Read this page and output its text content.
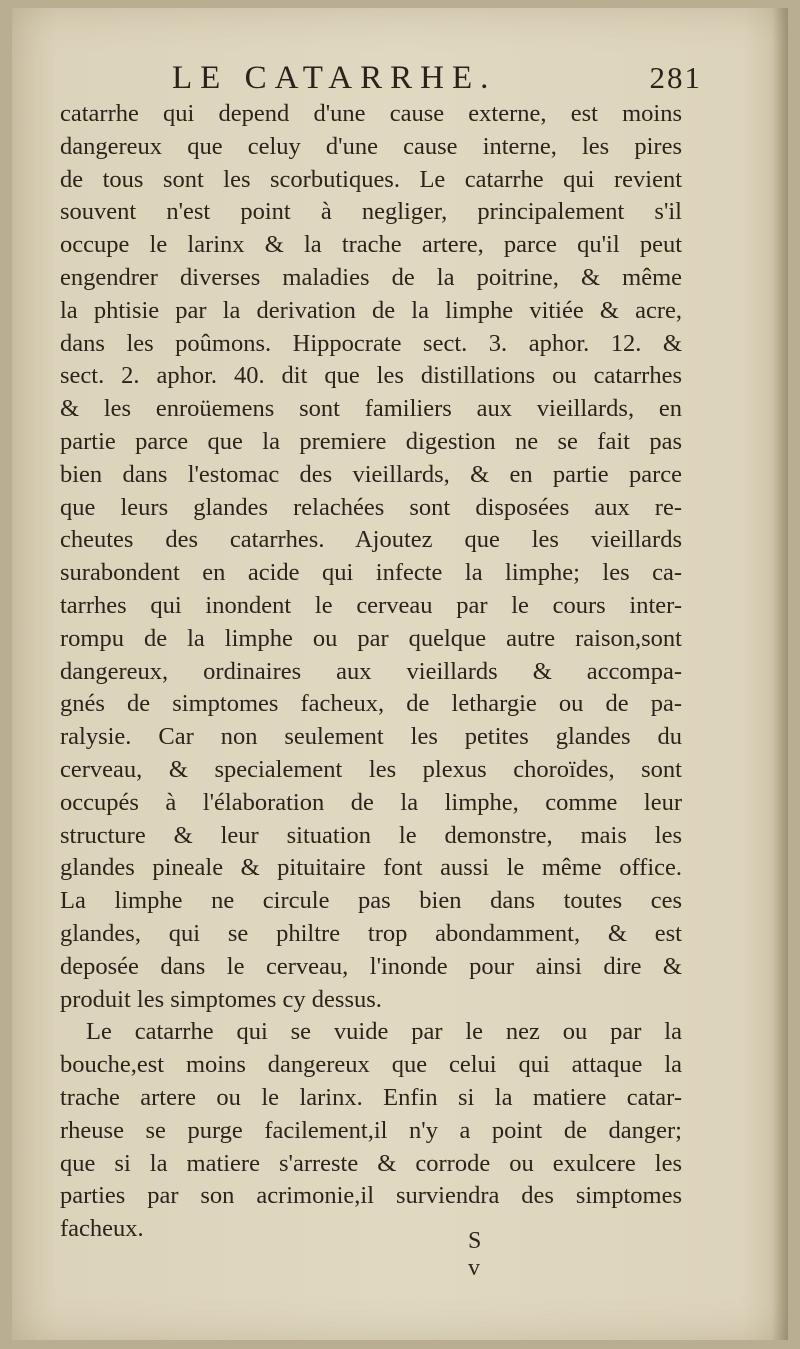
LE CATARRHE.	281
catarrhe qui depend d'une cause externe, est moins
dangereux que celuy d'une cause interne, les pires
de tous sont les scorbutiques. Le catarrhe qui revient
souvent n'est point à negliger, principalement s'il
occupe le larinx & la trache artere, parce qu'il peut
engendrer diverses maladies de la poitrine, & même
la phtisie par la derivation de la limphe vitiée & acre,
dans les poûmons. Hippocrate sect. 3. aphor. 12. &
sect. 2. aphor. 40. dit que les distillations ou catarrhes
& les enroüemens sont familiers aux vieillards, en
partie parce que la premiere digestion ne se fait pas
bien dans l'estomac des vieillards, & en partie parce
que leurs glandes relachées sont disposées aux re-
cheutes des catarrhes. Ajoutez que les vieillards
surabondent en acide qui infecte la limphe; les ca-
tarrhes qui inondent le cerveau par le cours inter-
rompu de la limphe ou par quelque autre raison,sont
dangereux, ordinaires aux vieillards & accompa-
gnés de simptomes facheux, de lethargie ou de pa-
ralysie. Car non seulement les petites glandes du
cerveau, & specialement les plexus choroïdes, sont
occupés à l'élaboration de la limphe, comme leur
structure & leur situation le demonstre, mais les
glandes pineale & pituitaire font aussi le même office.
La limphe ne circule pas bien dans toutes ces
glandes, qui se philtre trop abondamment, & est
deposée dans le cerveau, l'inonde pour ainsi dire &
produit les simptomes cy dessus.
Le catarrhe qui se vuide par le nez ou par la
bouche,est moins dangereux que celui qui attaque la
trache artere ou le larinx. Enfin si la matiere catar-
rheuse se purge facilement,il n'y a point de danger;
que si la matiere s'arreste & corrode ou exulcere les
parties par son acrimonie,il surviendra des simptomes
facheux.	S v
